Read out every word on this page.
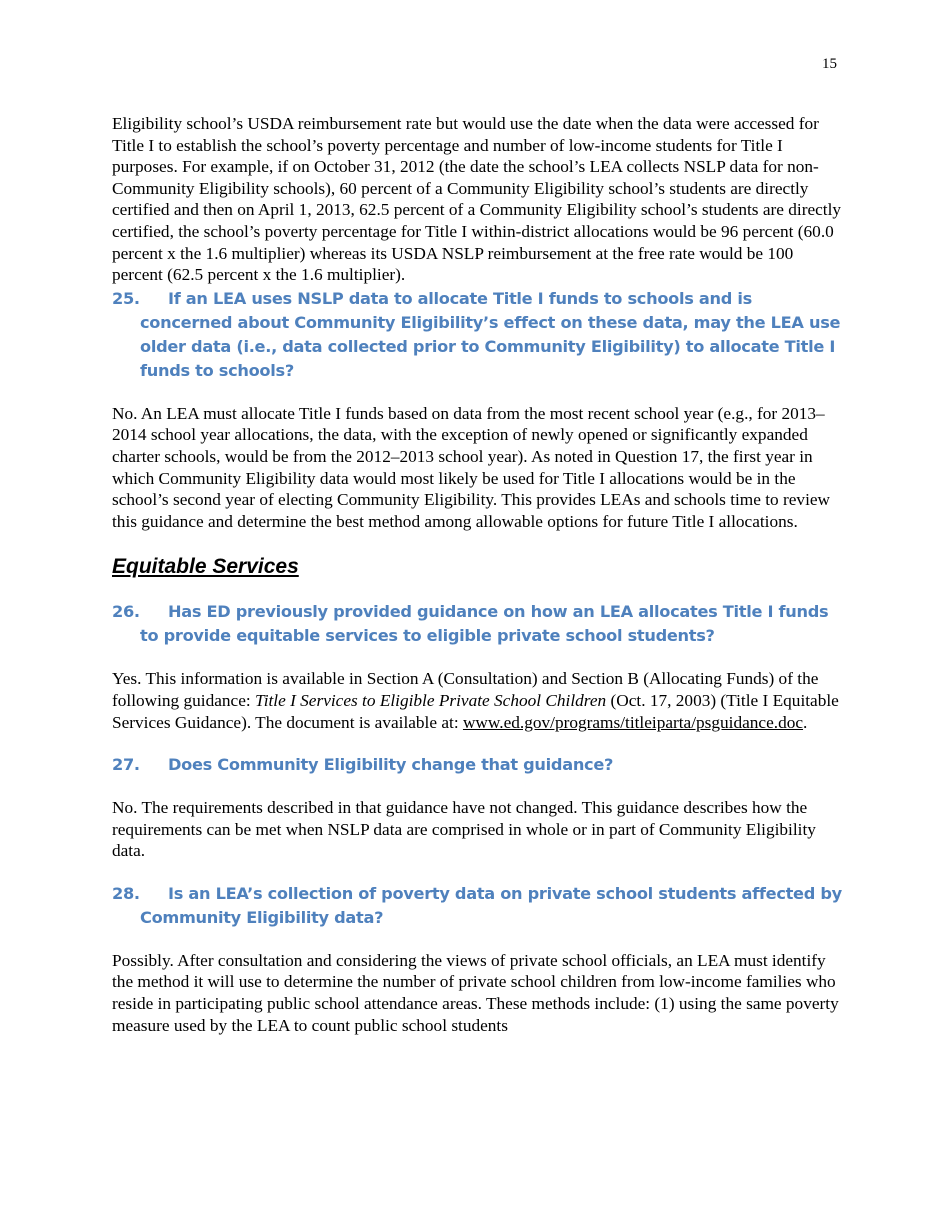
15

Eligibility school’s USDA reimbursement rate but would use the date when the data were accessed for Title I to establish the school’s poverty percentage and number of low-income students for Title I purposes. For example, if on October 31, 2012 (the date the school’s LEA collects NSLP data for non-Community Eligibility schools), 60 percent of a Community Eligibility school’s students are directly certified and then on April 1, 2013, 62.5 percent of a Community Eligibility school’s students are directly certified, the school’s poverty percentage for Title I within-district allocations would be 96 percent (60.0 percent x the 1.6 multiplier) whereas its USDA NSLP reimbursement at the free rate would be 100 percent (62.5 percent x the 1.6 multiplier).

25. If an LEA uses NSLP data to allocate Title I funds to schools and is concerned about Community Eligibility’s effect on these data, may the LEA use older data (i.e., data collected prior to Community Eligibility) to allocate Title I funds to schools?

No. An LEA must allocate Title I funds based on data from the most recent school year (e.g., for 2013–2014 school year allocations, the data, with the exception of newly opened or significantly expanded charter schools, would be from the 2012–2013 school year). As noted in Question 17, the first year in which Community Eligibility data would most likely be used for Title I allocations would be in the school’s second year of electing Community Eligibility. This provides LEAs and schools time to review this guidance and determine the best method among allowable options for future Title I allocations.

Equitable Services
26. Has ED previously provided guidance on how an LEA allocates Title I funds to provide equitable services to eligible private school students?

Yes. This information is available in Section A (Consultation) and Section B (Allocating Funds) of the following guidance: Title I Services to Eligible Private School Children (Oct. 17, 2003) (Title I Equitable Services Guidance). The document is available at: www.ed.gov/programs/titleiparta/psguidance.doc.

27. Does Community Eligibility change that guidance?

No. The requirements described in that guidance have not changed. This guidance describes how the requirements can be met when NSLP data are comprised in whole or in part of Community Eligibility data.

28. Is an LEA’s collection of poverty data on private school students affected by Community Eligibility data?

Possibly. After consultation and considering the views of private school officials, an LEA must identify the method it will use to determine the number of private school children from low-income families who reside in participating public school attendance areas. These methods include: (1) using the same poverty measure used by the LEA to count public school students
